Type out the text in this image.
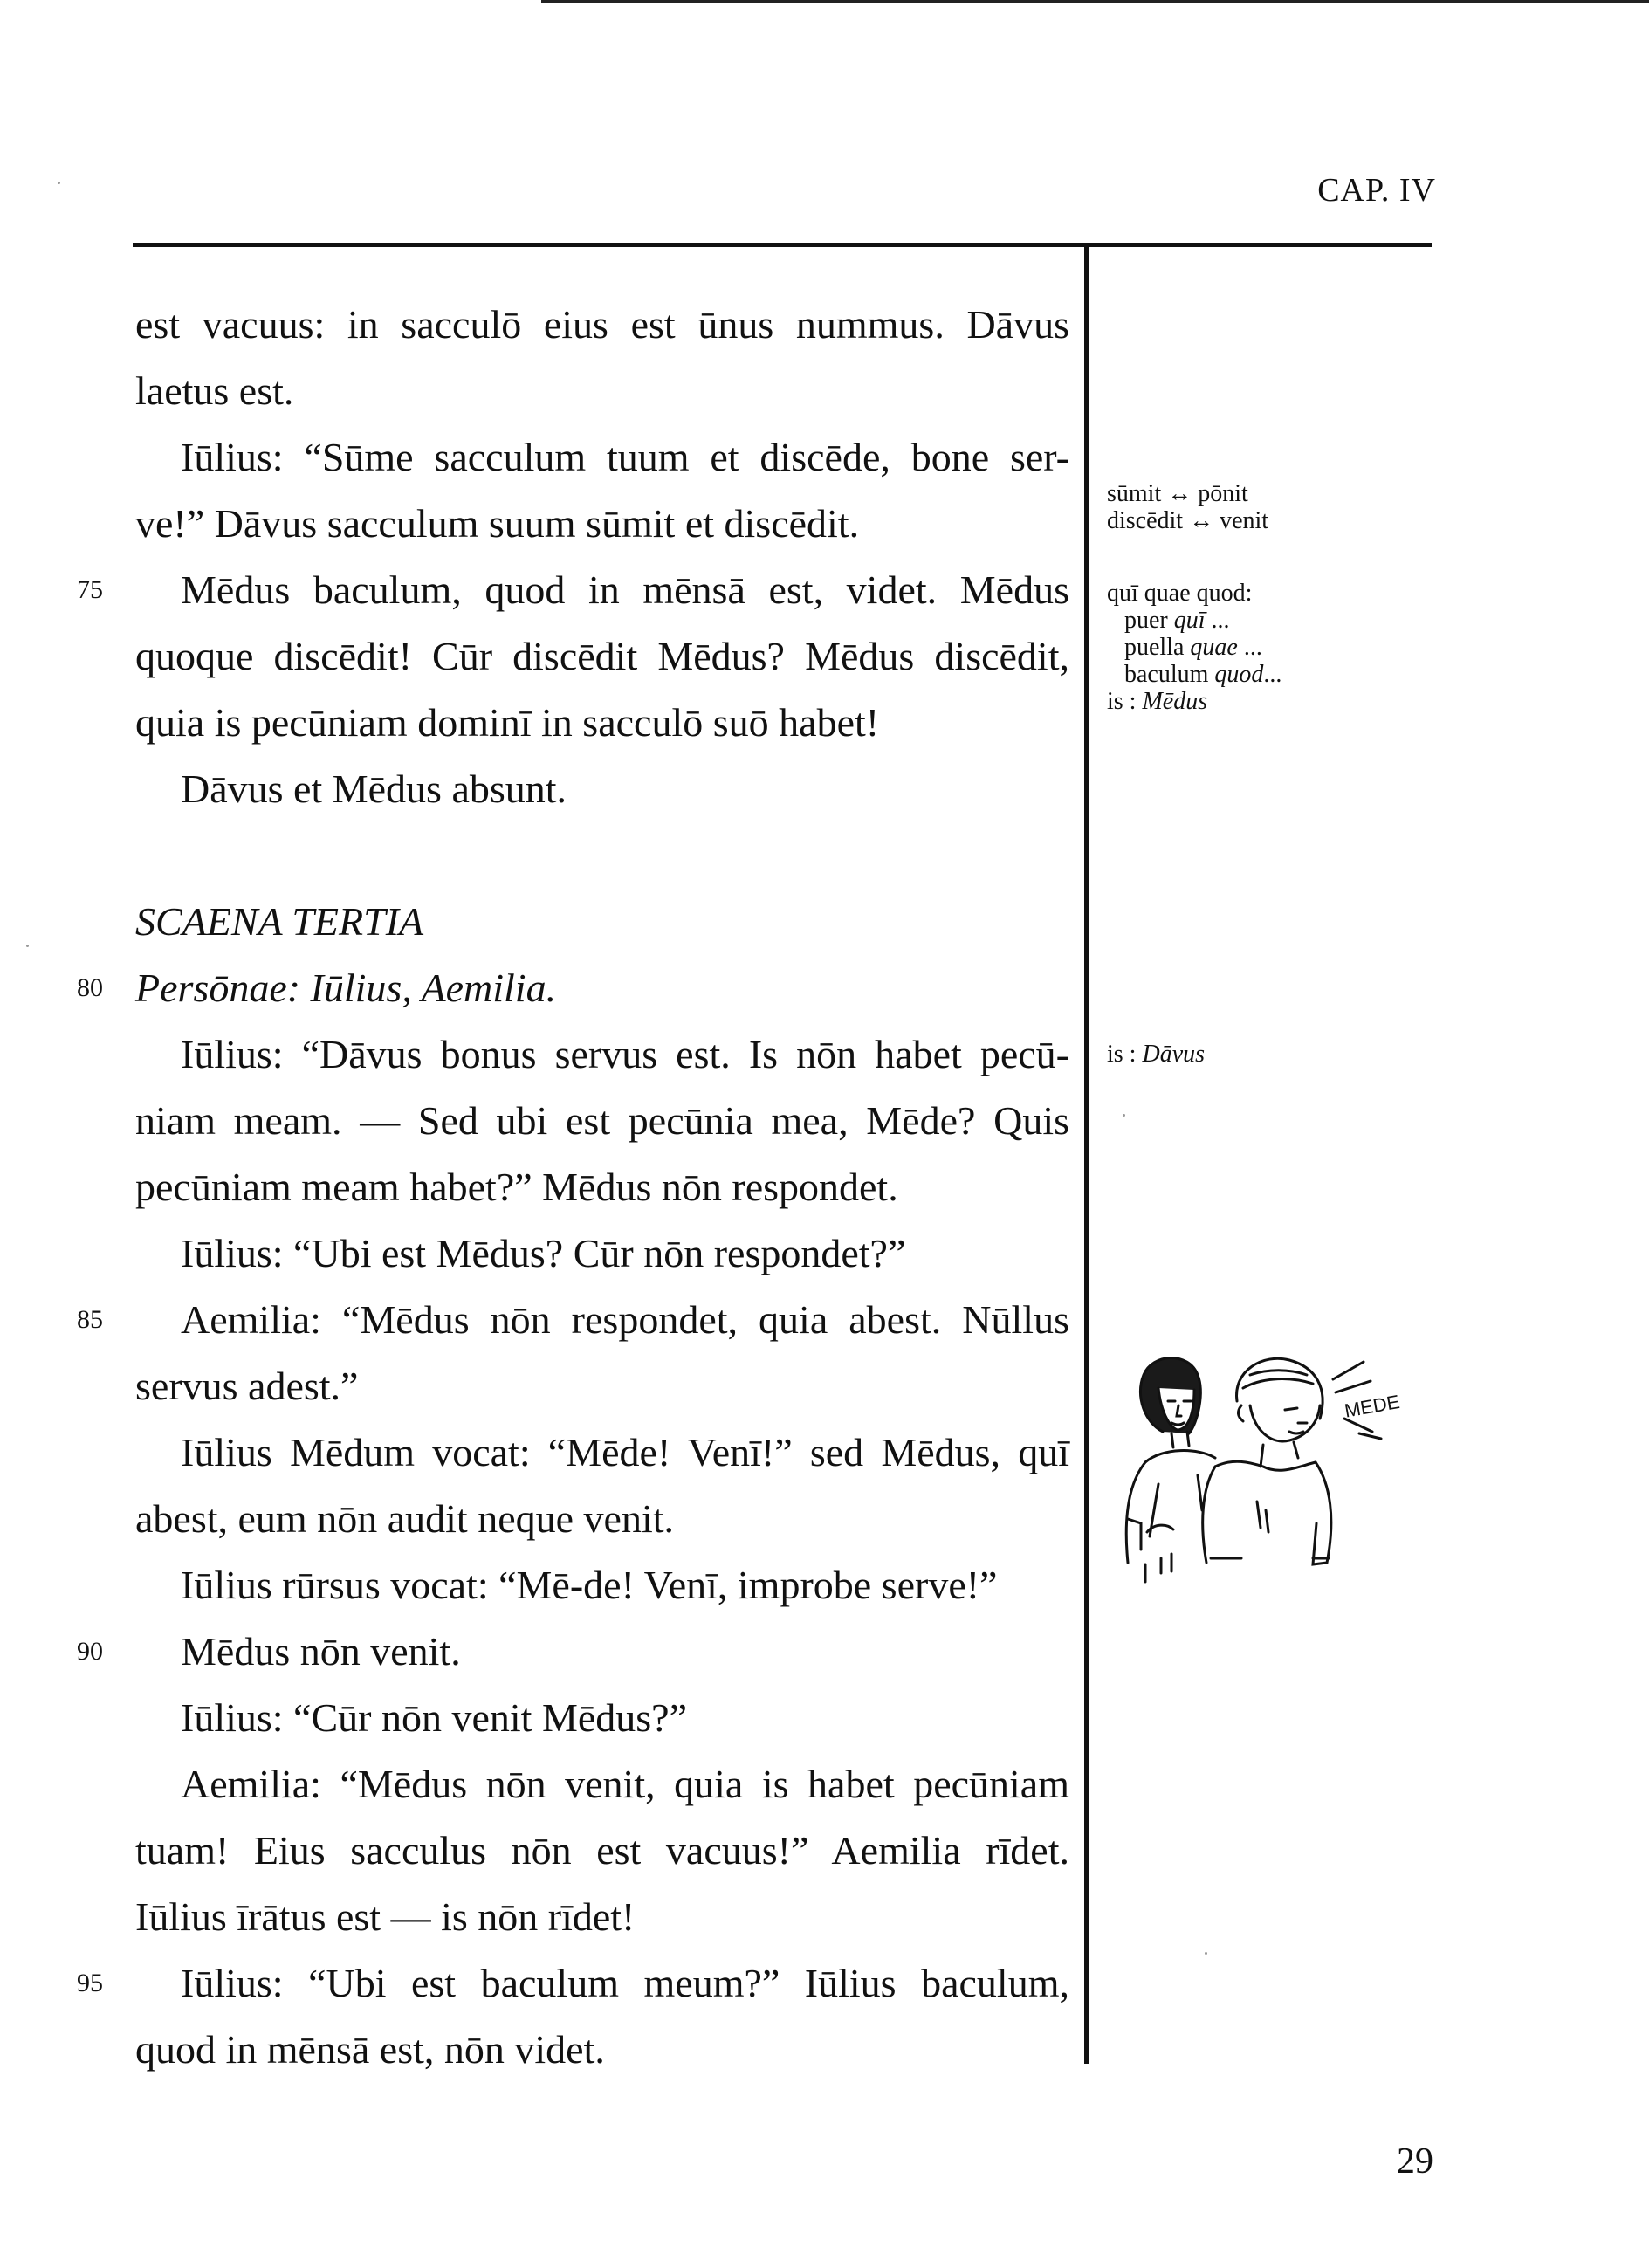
CAP. IV
est vacuus: in sacculō eius est ūnus nummus. Dāvus
laetus est.
Iūlius: “Sūme sacculum tuum et discēde, bone ser-
ve!” Dāvus sacculum suum sūmit et discēdit.
75	Mēdus baculum, quod in mēnsā est, videt. Mēdus
quoque discēdit! Cūr discēdit Mēdus? Mēdus discēdit,
quia is pecūniam dominī in sacculō suō habet!
Dāvus et Mēdus absunt.
SCAENA TERTIA
80 Persōnae: Iūlius, Aemilia.
Iūlius: “Dāvus bonus servus est. Is nōn habet pecū-
niam meam. — Sed ubi est pecūnia mea, Mēde? Quis
pecūniam meam habet?” Mēdus nōn respondet.
Iūlius: “Ubi est Mēdus? Cūr nōn respondet?”
85	Aemilia: “Mēdus nōn respondet, quia abest. Nūllus
servus adest.”
Iūlius Mēdum vocat: “Mēde! Venī!” sed Mēdus, quī
abest, eum nōn audit neque venit.
Iūlius rūrsus vocat: “Mē-de! Venī, improbe serve!”
90	Mēdus nōn venit.
Iūlius: “Cūr nōn venit Mēdus?”
Aemilia: “Mēdus nōn venit, quia is habet pecūniam
tuam! Eius sacculus nōn est vacuus!” Aemilia rīdet.
Iūlius īrātus est — is nōn rīdet!
95	Iūlius: “Ubi est baculum meum?” Iūlius baculum,
quod in mēnsā est, nōn videt.
sūmit ↔ pōnit
discēdit ↔ venit
quī quae quod:
puer quī ...
puella quae ...
baculum quod...
is : Mēdus
is : Dāvus
MEDE
29
